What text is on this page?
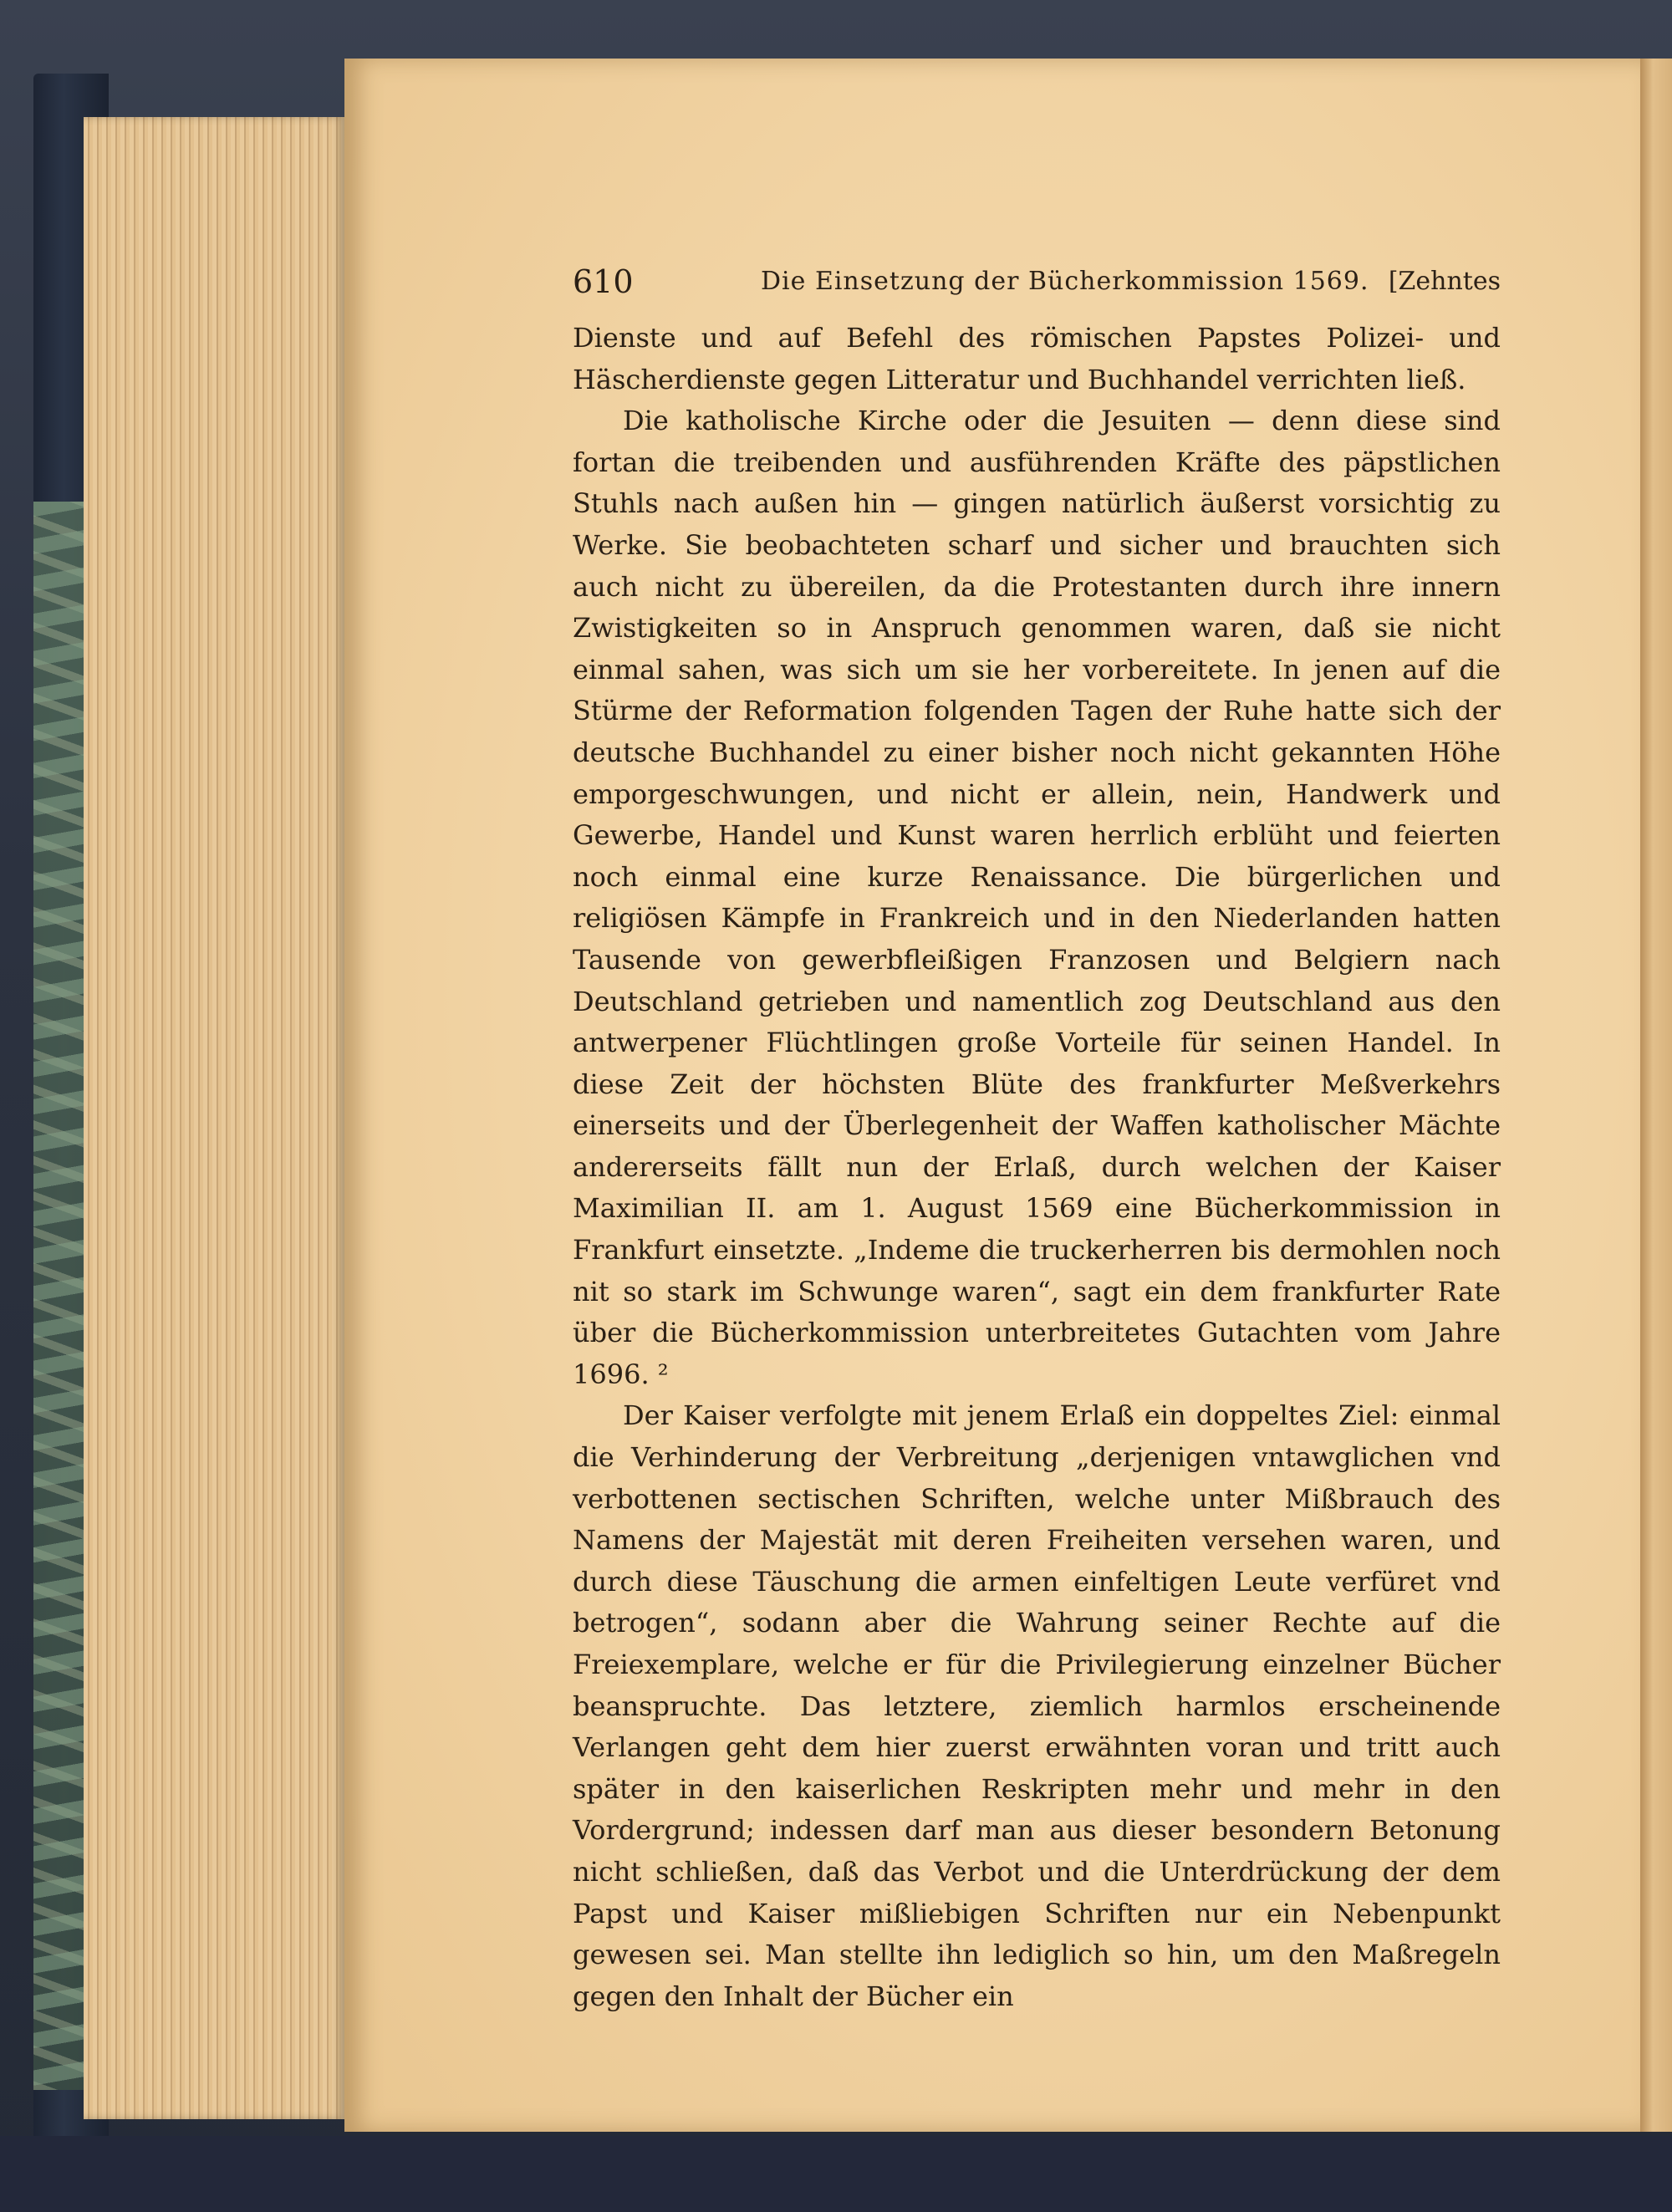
610	Die Einsetzung der Bücherkommission 1569. [Zehntes

Dienste und auf Befehl des römischen Papstes Polizei- und Häscherdienste gegen Litteratur und Buchhandel verrichten ließ.

Die katholische Kirche oder die Jesuiten — denn diese sind fortan die treibenden und ausführenden Kräfte des päpstlichen Stuhls nach außen hin — gingen natürlich äußerst vorsichtig zu Werke. Sie beobachteten scharf und sicher und brauchten sich auch nicht zu übereilen, da die Protestanten durch ihre innern Zwistigkeiten so in Anspruch genommen waren, daß sie nicht einmal sahen, was sich um sie her vorbereitete. In jenen auf die Stürme der Reformation folgenden Tagen der Ruhe hatte sich der deutsche Buchhandel zu einer bisher noch nicht gekannten Höhe emporgeschwungen, und nicht er allein, nein, Handwerk und Gewerbe, Handel und Kunst waren herrlich erblüht und feierten noch einmal eine kurze Renaissance. Die bürgerlichen und religiösen Kämpfe in Frankreich und in den Niederlanden hatten Tausende von gewerbfleißigen Franzosen und Belgiern nach Deutschland getrieben und namentlich zog Deutschland aus den antwerpener Flüchtlingen große Vorteile für seinen Handel. In diese Zeit der höchsten Blüte des frankfurter Meßverkehrs einerseits und der Überlegenheit der Waffen katholischer Mächte andererseits fällt nun der Erlaß, durch welchen der Kaiser Maximilian II. am 1. August 1569 eine Bücherkommission in Frankfurt einsetzte. „Indeme die truckerherren bis dermohlen noch nit so stark im Schwunge waren“, sagt ein dem frankfurter Rate über die Bücherkommission unterbreitetes Gutachten vom Jahre 1696. ²

Der Kaiser verfolgte mit jenem Erlaß ein doppeltes Ziel: einmal die Verhinderung der Verbreitung „derjenigen vntawglichen vnd verbottenen sectischen Schriften, welche unter Mißbrauch des Namens der Majestät mit deren Freiheiten versehen waren, und durch diese Täuschung die armen einfeltigen Leute verfüret vnd betrogen“, sodann aber die Wahrung seiner Rechte auf die Freiexemplare, welche er für die Privilegierung einzelner Bücher beanspruchte. Das letztere, ziemlich harmlos erscheinende Verlangen geht dem hier zuerst erwähnten voran und tritt auch später in den kaiserlichen Reskripten mehr und mehr in den Vordergrund; indessen darf man aus dieser besondern Betonung nicht schließen, daß das Verbot und die Unterdrückung der dem Papst und Kaiser mißliebigen Schriften nur ein Nebenpunkt gewesen sei. Man stellte ihn lediglich so hin, um den Maßregeln gegen den Inhalt der Bücher ein
